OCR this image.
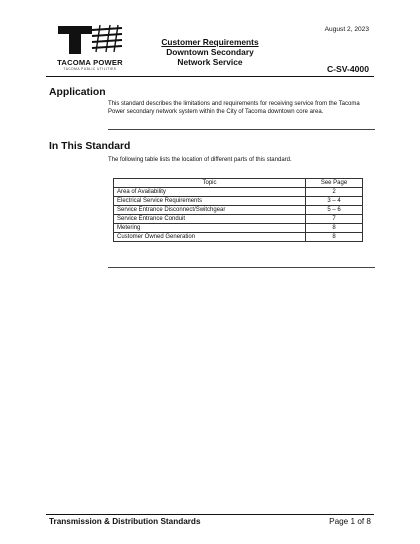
TACOMA POWER
TACOMA PUBLIC UTILITIES
August 2, 2023
Customer Requirements
Downtown Secondary
Network Service
C-SV-4000
Application
This standard describes the limitations and requirements for receiving service from the Tacoma Power secondary network system within the City of Tacoma downtown core area.
In This Standard
The following table lists the location of different parts of this standard.
Topic	See Page
Area of Availability	2
Electrical Service Requirements	3 – 4
Service Entrance Disconnect/Switchgear	5 – 6
Service Entrance Conduit	7
Metering	8
Customer Owned Generation	8
Transmission & Distribution Standards	Page 1 of 8
